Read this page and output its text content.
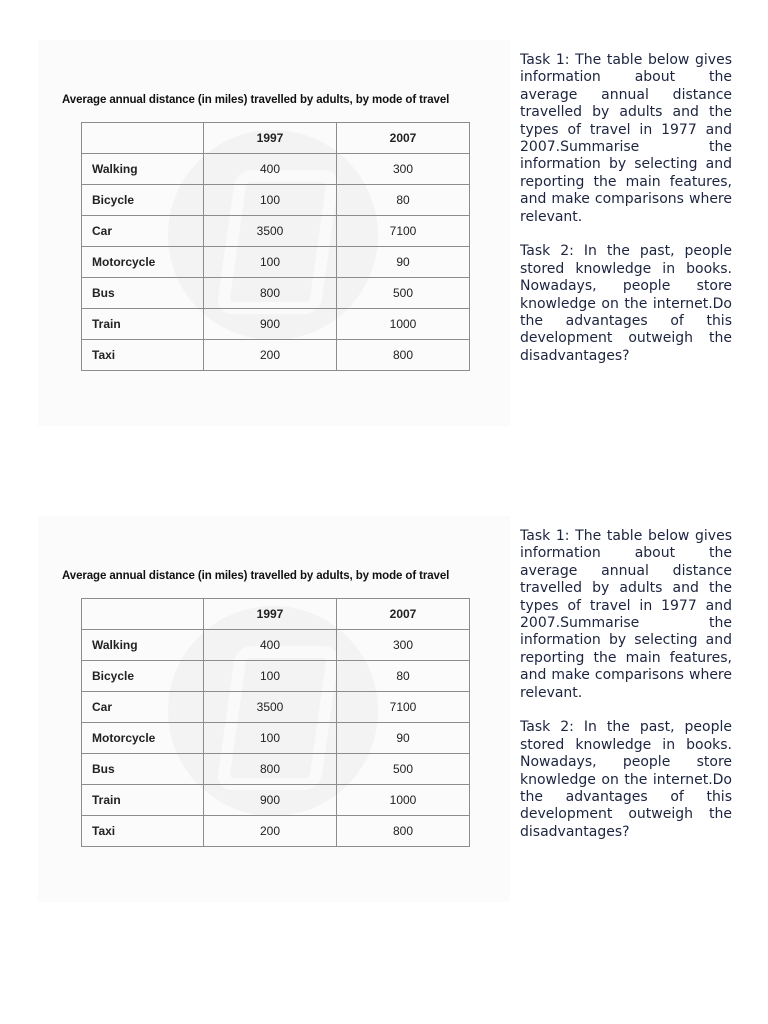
Average annual distance (in miles) travelled by adults, by mode of travel
	1997	2007
Walking	400	300
Bicycle	100	80
Car	3500	7100
Motorcycle	100	90
Bus	800	500
Train	900	1000
Taxi	200	800

Task 1: The table below gives information about the average annual distance travelled by adults and the types of travel in 1977 and 2007.Summarise the information by selecting and reporting the main features, and make comparisons where relevant.

Task 2: In the past, people stored knowledge in books. Nowadays, people store knowledge on the internet.Do the advantages of this development outweigh the disadvantages?

Average annual distance (in miles) travelled by adults, by mode of travel
	1997	2007
Walking	400	300
Bicycle	100	80
Car	3500	7100
Motorcycle	100	90
Bus	800	500
Train	900	1000
Taxi	200	800

Task 1: The table below gives information about the average annual distance travelled by adults and the types of travel in 1977 and 2007.Summarise the information by selecting and reporting the main features, and make comparisons where relevant.

Task 2: In the past, people stored knowledge in books. Nowadays, people store knowledge on the internet.Do the advantages of this development outweigh the disadvantages?
